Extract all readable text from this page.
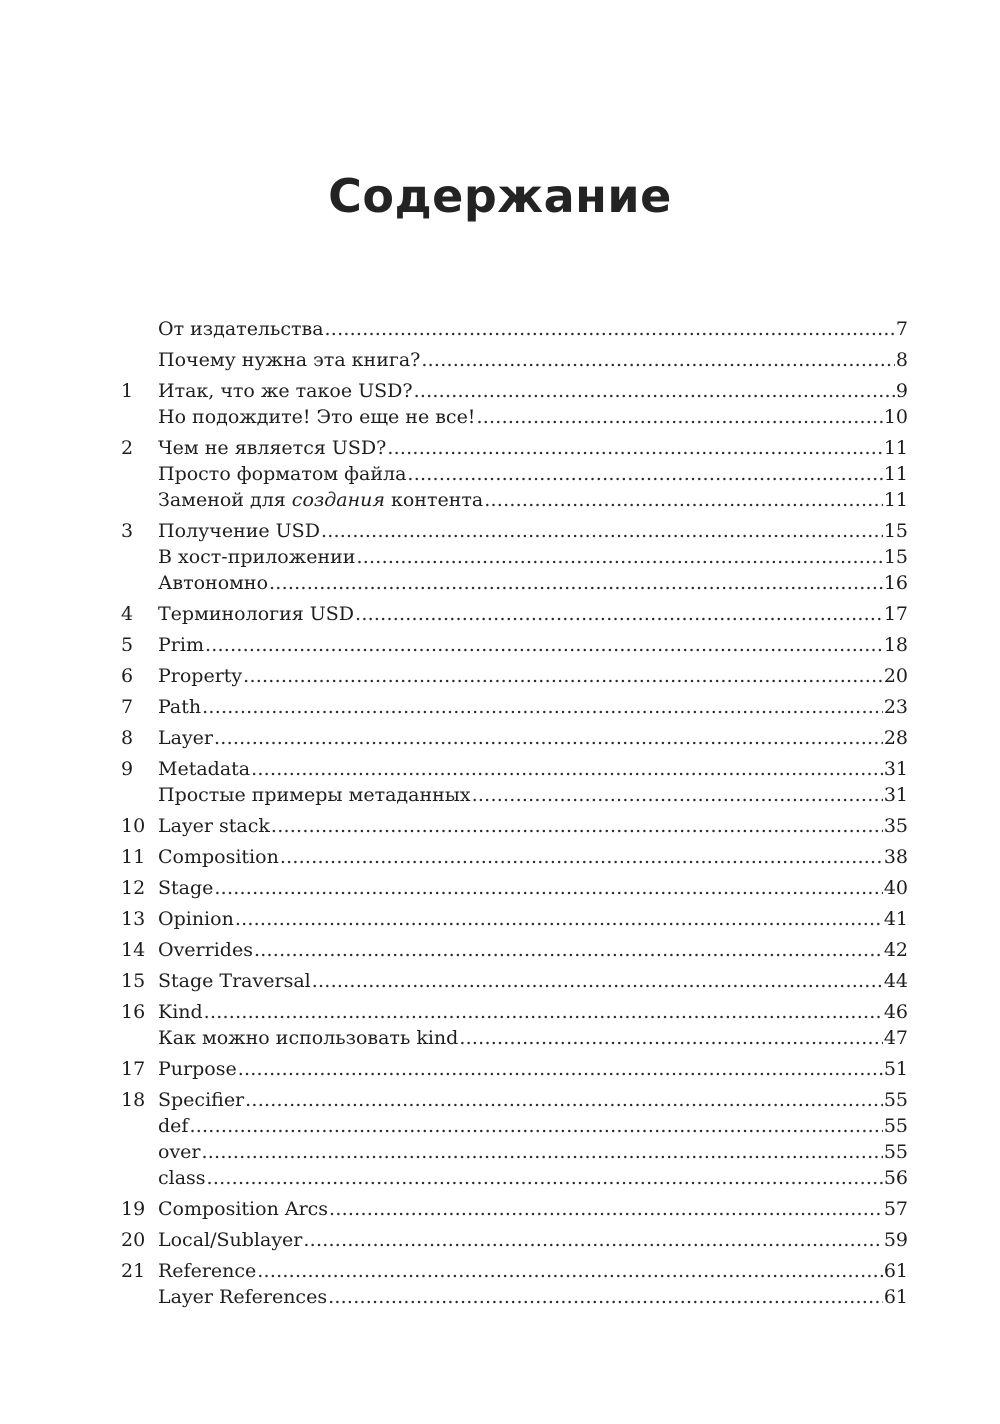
Содержание
От издательства . . .	7
Почему нужна эта книга? . . .	8
1	Итак, что же такое USD? . . .	9
Но подождите! Это еще не все! . . .	10
2	Чем не является USD? . . .	11
Просто форматом файла . . .	11
Заменой для создания контента . . .	11
3	Получение USD . . .	15
В хост-приложении . . .	15
Автономно . . .	16
4	Терминология USD . . .	17
5	Prim . . .	18
6	Property . . .	20
7	Path . . .	23
8	Layer . . .	28
9	Metadata . . .	31
Простые примеры метаданных . . .	31
10 Layer stack . . .	35
11 Composition . . .	38
12 Stage . . .	40
13 Opinion . . .	41
14 Overrides . . .	42
15 Stage Traversal . . .	44
16 Kind . . .	46
Как можно использовать kind . . .	47
17 Purpose . . .	51
18 Specifier . . .	55
def . . .	55
over . . .	55
class . . .	56
19 Composition Arcs . . .	57
20 Local/Sublayer . . .	59
21 Reference . . .	61
Layer References . . .	61
